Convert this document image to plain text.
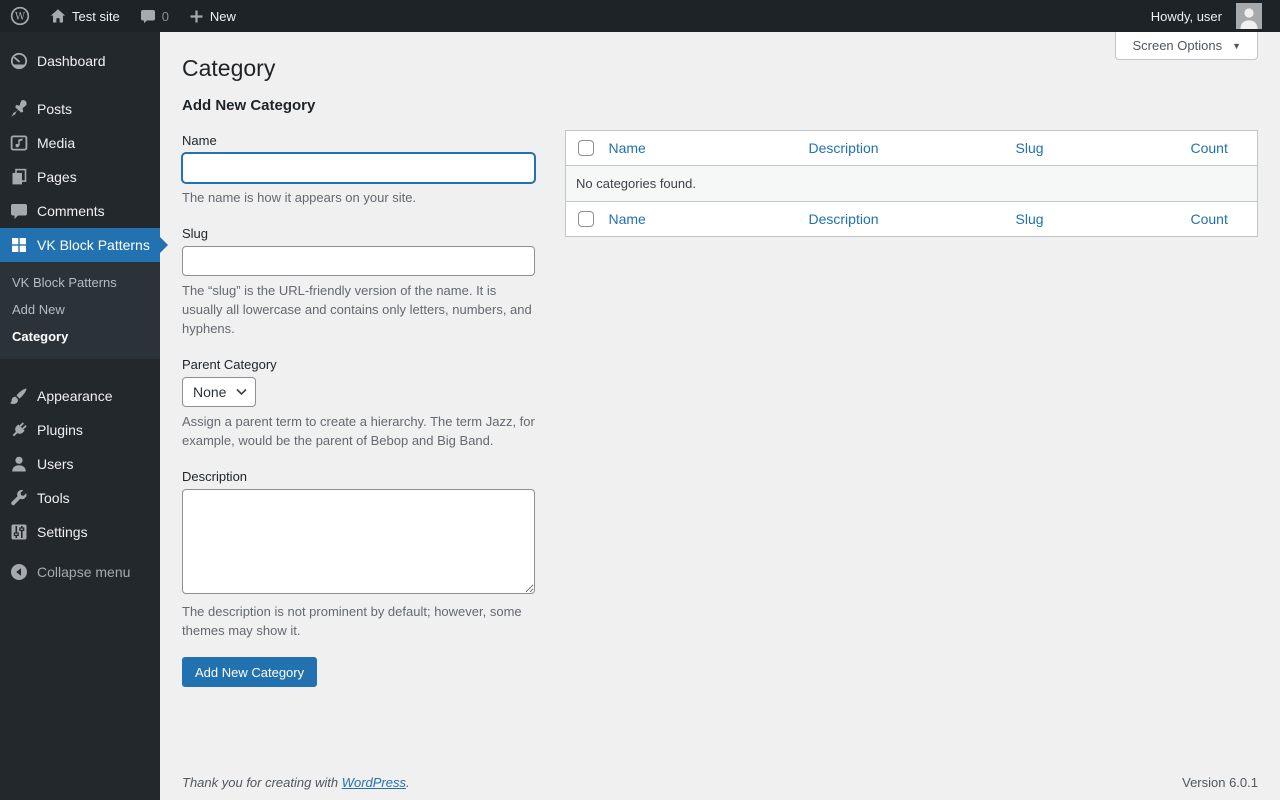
W	Test site	0	New	Howdy, user
Dashboard
Posts
Media
Pages
Comments
VK Block Patterns
VK Block Patterns
Add New
Category
Appearance
Plugins
Users
Tools
Settings
Collapse menu
Screen Options ▼
Category
Add New Category
Name
The name is how it appears on your site.
Slug
The “slug” is the URL-friendly version of the name. It is usually all lowercase and contains only letters, numbers, and hyphens.
Parent Category
None
Assign a parent term to create a hierarchy. The term Jazz, for example, would be the parent of Bebop and Big Band.
Description
The description is not prominent by default; however, some themes may show it.
Add New Category
	Name	Description	Slug	Count
No categories found.				

	Name	Description	Slug	Count
Thank you for creating with WordPress.	Version 6.0.1
